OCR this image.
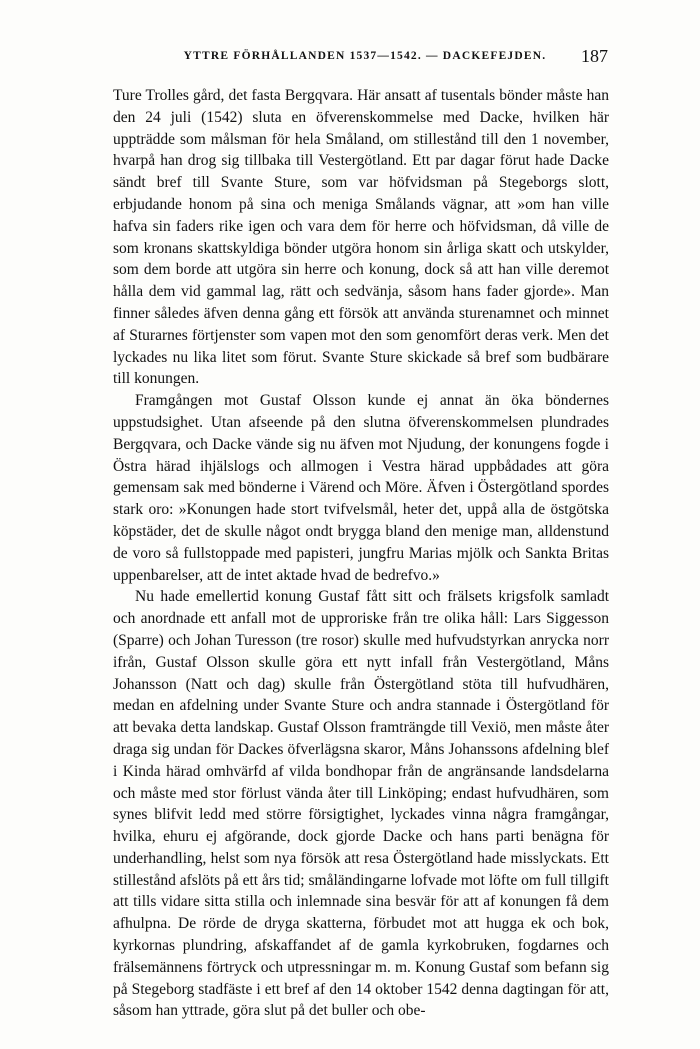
YTTRE FÖRHÅLLANDEN 1537—1542. — DACKEFEJDEN.	187

Ture Trolles gård, det fasta Bergqvara. Här ansatt af tusentals bönder måste han den 24 juli (1542) sluta en öfverenskommelse med Dacke, hvilken här uppträdde som målsman för hela Småland, om stillestånd till den 1 november, hvarpå han drog sig tillbaka till Vestergötland. Ett par dagar förut hade Dacke sändt bref till Svante Sture, som var höfvidsman på Stegeborgs slott, erbjudande honom på sina och meniga Smålands vägnar, att »om han ville hafva sin faders rike igen och vara dem för herre och höfvidsman, då ville de som kronans skattskyldiga bönder utgöra honom sin årliga skatt och utskylder, som dem borde att utgöra sin herre och konung, dock så att han ville deremot hålla dem vid gammal lag, rätt och sedvänja, såsom hans fader gjorde». Man finner således äfven denna gång ett försök att använda sturenamnet och minnet af Sturarnes förtjenster som vapen mot den som genomfört deras verk. Men det lyckades nu lika litet som förut. Svante Sture skickade så bref som budbärare till konungen.

Framgången mot Gustaf Olsson kunde ej annat än öka böndernes uppstudsighet. Utan afseende på den slutna öfverenskommelsen plundrades Bergqvara, och Dacke vände sig nu äfven mot Njudung, der konungens fogde i Östra härad ihjälslogs och allmogen i Vestra härad uppbådades att göra gemensam sak med bönderne i Värend och Möre. Äfven i Östergötland spordes stark oro: »Konungen hade stort tvifvelsmål, heter det, uppå alla de östgötska köpstäder, det de skulle något ondt brygga bland den menige man, alldenstund de voro så fullstoppade med papisteri, jungfru Marias mjölk och Sankta Britas uppenbarelser, att de intet aktade hvad de bedrefvo.»

Nu hade emellertid konung Gustaf fått sitt och frälsets krigsfolk samladt och anordnade ett anfall mot de upproriske från tre olika håll: Lars Siggesson (Sparre) och Johan Turesson (tre rosor) skulle med hufvudstyrkan anrycka norr ifrån, Gustaf Olsson skulle göra ett nytt infall från Vestergötland, Måns Johansson (Natt och dag) skulle från Östergötland stöta till hufvudhären, medan en afdelning under Svante Sture och andra stannade i Östergötland för att bevaka detta landskap. Gustaf Olsson framträngde till Vexiö, men måste åter draga sig undan för Dackes öfverlägsna skaror, Måns Johanssons afdelning blef i Kinda härad omhvärfd af vilda bondhopar från de angränsande landsdelarna och måste med stor förlust vända åter till Linköping; endast hufvudhären, som synes blifvit ledd med större försigtighet, lyckades vinna några framgångar, hvilka, ehuru ej afgörande, dock gjorde Dacke och hans parti benägna för underhandling, helst som nya försök att resa Östergötland hade misslyckats. Ett stillestånd afslöts på ett års tid; småländingarne lofvade mot löfte om full tillgift att tills vidare sitta stilla och inlemnade sina besvär för att af konungen få dem afhulpna. De rörde de dryga skatterna, förbudet mot att hugga ek och bok, kyrkornas plundring, afskaffandet af de gamla kyrkobruken, fogdarnes och frälsemännens förtryck och utpressningar m. m. Konung Gustaf som befann sig på Stegeborg stadfäste i ett bref af den 14 oktober 1542 denna dagtingan för att, såsom han yttrade, göra slut på det buller och obe-
